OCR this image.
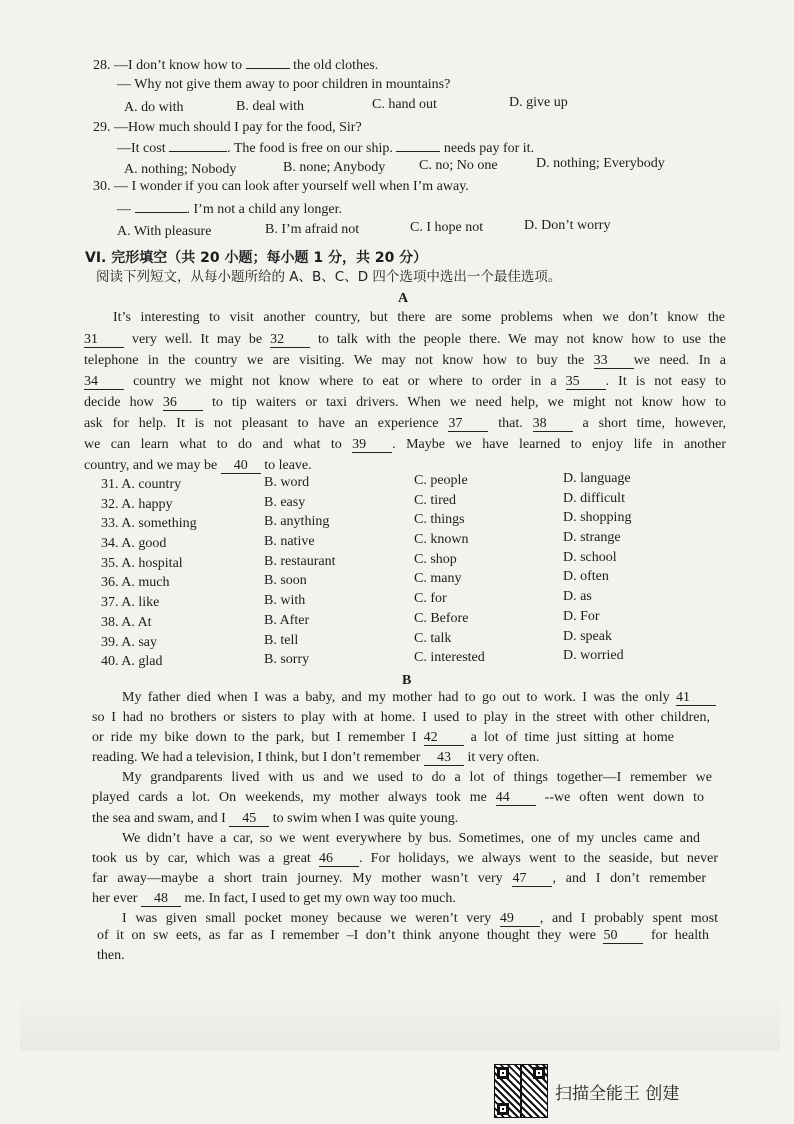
28. —I don’t know how to	the old clothes.
— Why not give them away to poor children in mountains?
A. do with	B. deal with	C. hand out	D. give up
29. —How much should I pay for the food, Sir?
—It cost	. The food is free on our ship.	needs pay for it.
A. nothing; Nobody	B. none; Anybody C. no; No one	D. nothing; Everybody
30. — I wonder if you can look after yourself well when I’m away.
—	. I’m not a child any longer.
A. With pleasure	B. I’m afraid not	C. I hope not	D. Don’t worry
VI. 完形填空（共 20 小题；每小题 1 分，共 20 分）
阅读下列短文，从每小题所给的 A、B、C、D 四个选项中选出一个最佳选项。
A
It’s interesting to visit another country, but there are some problems when we don’t know the
31 very well. It may be 32 to talk with the people there. We may not know how to use the
telephone in the country we are visiting. We may not know how to buy the 33 we need. In a
34 country we might not know where to eat or where to order in a 35 . It is not easy to
decide how 36 to tip waiters or taxi drivers. When we need help, we might not know how to
ask for help. It is not pleasant to have an experience 37 that. 38 a short time, however,
we can learn what to do and what to 39 . Maybe we have learned to enjoy life in another
country, and we may be 40 to leave.
31. A. country	B. word	C. people	D. language
32. A. happy	B. easy	C. tired	D. difficult
33. A. something	B. anything	C. things	D. shopping
34. A. good	B. native	C. known	D. strange
35. A. hospital	B. restaurant	C. shop	D. school
36. A. much	B. soon	C. many	D. often
37. A. like	B. with	C. for	D. as
38. A. At	B. After	C. Before	D. For
39. A. say	B. tell	C. talk	D. speak
40. A. glad	B. sorry	C. interested	D. worried
B
My father died when I was a baby, and my mother had to go out to work. I was the only 41
so I had no brothers or sisters to play with at home. I used to play in the street with other children,
or ride my bike down to the park, but I remember I 42 a lot of time just sitting at home
reading. We had a television, I think, but I don’t remember 43 it very often.
My grandparents lived with us and we used to do a lot of things together—I remember we
played cards a lot. On weekends, my mother always took me 44 --we often went down to
the sea and swam, and I 45 to swim when I was quite young.
We didn’t have a car, so we went everywhere by bus. Sometimes, one of my uncles came and
took us by car, which was a great 46 . For holidays, we always went to the seaside, but never
far away—maybe a short train journey. My mother wasn’t very 47 , and I don’t remember
her ever 48 me. In fact, I used to get my own way too much.
I was given small pocket money because we weren’t very 49 , and I probably spent most
of it on sw eets, as far as I remember –I don’t think anyone thought they were 50 for health
then.
扫描全能王 创建
